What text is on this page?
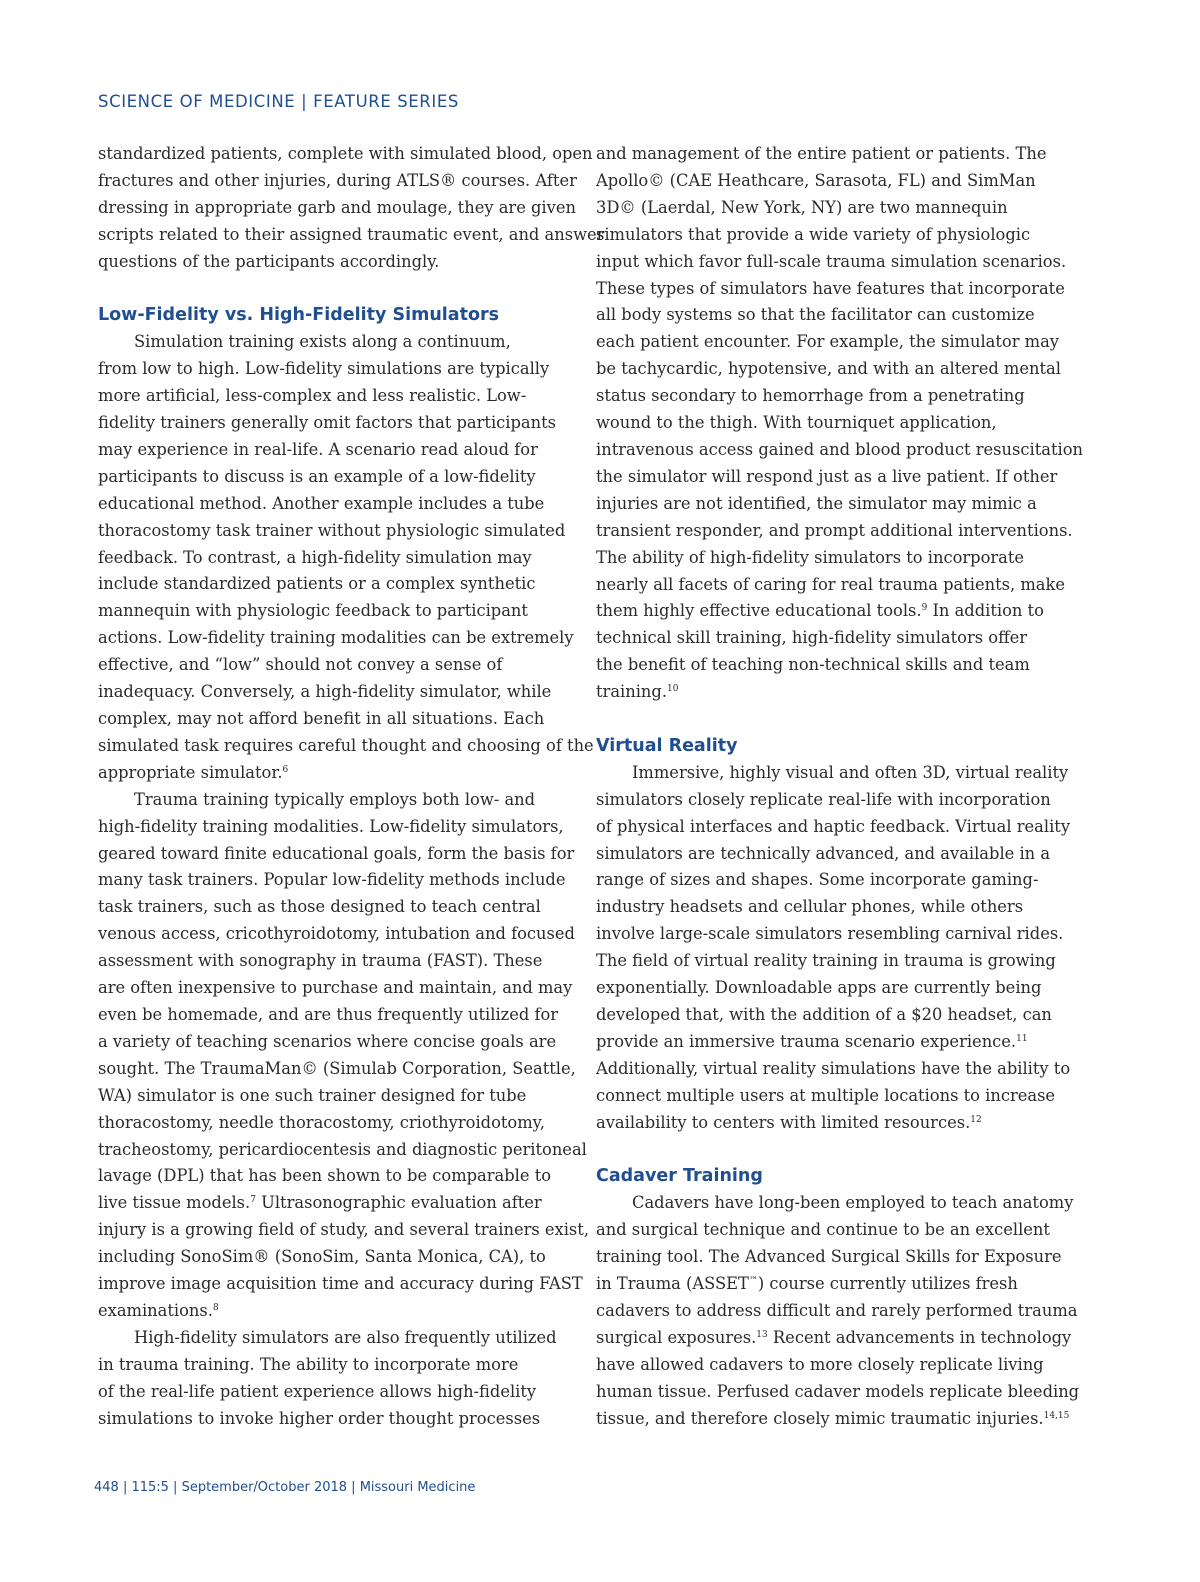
SCIENCE OF MEDICINE | FEATURE SERIES

standardized patients, complete with simulated blood, open
fractures and other injuries, during ATLS® courses. After
dressing in appropriate garb and moulage, they are given
scripts related to their assigned traumatic event, and answer
questions of the participants accordingly.

Low-Fidelity vs. High-Fidelity Simulators

Simulation training exists along a continuum,
from low to high. Low-fidelity simulations are typically
more artificial, less-complex and less realistic. Low-
fidelity trainers generally omit factors that participants
may experience in real-life. A scenario read aloud for
participants to discuss is an example of a low-fidelity
educational method. Another example includes a tube
thoracostomy task trainer without physiologic simulated
feedback. To contrast, a high-fidelity simulation may
include standardized patients or a complex synthetic
mannequin with physiologic feedback to participant
actions. Low-fidelity training modalities can be extremely
effective, and “low” should not convey a sense of
inadequacy. Conversely, a high-fidelity simulator, while
complex, may not afford benefit in all situations. Each
simulated task requires careful thought and choosing of the
appropriate simulator.$^6$

Trauma training typically employs both low- and
high-fidelity training modalities. Low-fidelity simulators,
geared toward finite educational goals, form the basis for
many task trainers. Popular low-fidelity methods include
task trainers, such as those designed to teach central
venous access, cricothyroidotomy, intubation and focused
assessment with sonography in trauma (FAST). These
are often inexpensive to purchase and maintain, and may
even be homemade, and are thus frequently utilized for
a variety of teaching scenarios where concise goals are
sought. The TraumaMan© (Simulab Corporation, Seattle,
WA) simulator is one such trainer designed for tube
thoracostomy, needle thoracostomy, criothyroidotomy,
tracheostomy, pericardiocentesis and diagnostic peritoneal
lavage (DPL) that has been shown to be comparable to
live tissue models.$^7$ Ultrasonographic evaluation after
injury is a growing field of study, and several trainers exist,
including SonoSim® (SonoSim, Santa Monica, CA), to
improve image acquisition time and accuracy during FAST
examinations.$^8$

High-fidelity simulators are also frequently utilized
in trauma training. The ability to incorporate more
of the real-life patient experience allows high-fidelity
simulations to invoke higher order thought processes

and management of the entire patient or patients. The
Apollo© (CAE Heathcare, Sarasota, FL) and SimMan
3D© (Laerdal, New York, NY) are two mannequin
simulators that provide a wide variety of physiologic
input which favor full-scale trauma simulation scenarios.
These types of simulators have features that incorporate
all body systems so that the facilitator can customize
each patient encounter. For example, the simulator may
be tachycardic, hypotensive, and with an altered mental
status secondary to hemorrhage from a penetrating
wound to the thigh. With tourniquet application,
intravenous access gained and blood product resuscitation
the simulator will respond just as a live patient. If other
injuries are not identified, the simulator may mimic a
transient responder, and prompt additional interventions.
The ability of high-fidelity simulators to incorporate
nearly all facets of caring for real trauma patients, make
them highly effective educational tools.$^9$ In addition to
technical skill training, high-fidelity simulators offer
the benefit of teaching non-technical skills and team
training.$^{10}$

Virtual Reality

Immersive, highly visual and often 3D, virtual reality
simulators closely replicate real-life with incorporation
of physical interfaces and haptic feedback. Virtual reality
simulators are technically advanced, and available in a
range of sizes and shapes. Some incorporate gaming-
industry headsets and cellular phones, while others
involve large-scale simulators resembling carnival rides.
The field of virtual reality training in trauma is growing
exponentially. Downloadable apps are currently being
developed that, with the addition of a $20 headset, can
provide an immersive trauma scenario experience.$^{11}$
Additionally, virtual reality simulations have the ability to
connect multiple users at multiple locations to increase
availability to centers with limited resources.$^{12}$

Cadaver Training

Cadavers have long-been employed to teach anatomy
and surgical technique and continue to be an excellent
training tool. The Advanced Surgical Skills for Exposure
in Trauma (ASSET™) course currently utilizes fresh
cadavers to address difficult and rarely performed trauma
surgical exposures.$^{13}$ Recent advancements in technology
have allowed cadavers to more closely replicate living
human tissue. Perfused cadaver models replicate bleeding
tissue, and therefore closely mimic traumatic injuries.$^{14,15}$

448 | 115:5 | September/October 2018 | Missouri Medicine
